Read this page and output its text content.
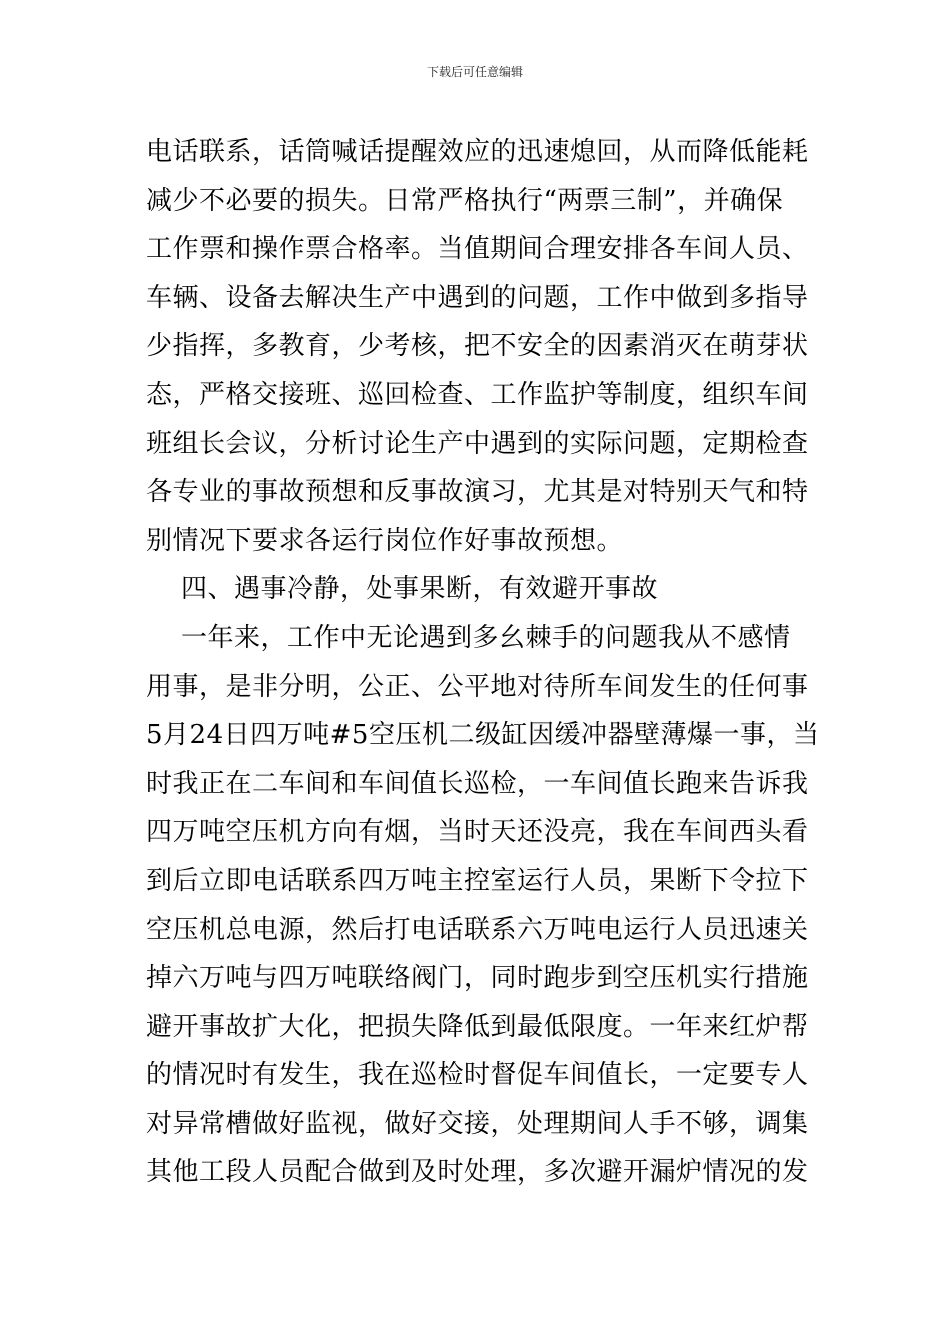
下载后可任意编辑
电话联系，话筒喊话提醒效应的迅速熄回，从而降低能耗
减少不必要的损失。日常严格执行“两票三制”，并确保
工作票和操作票合格率。当值期间合理安排各车间人员、
车辆、设备去解决生产中遇到的问题，工作中做到多指导
少指挥，多教育，少考核，把不安全的因素消灭在萌芽状
态，严格交接班、巡回检查、工作监护等制度，组织车间
班组长会议，分析讨论生产中遇到的实际问题，定期检查
各专业的事故预想和反事故演习，尤其是对特别天气和特
别情况下要求各运行岗位作好事故预想。
四、遇事冷静，处事果断，有效避开事故
一年来，工作中无论遇到多幺棘手的问题我从不感情
用事，是非分明，公正、公平地对待所车间发生的任何事
5月24日四万吨#5空压机二级缸因缓冲器壁薄爆一事，当
时我正在二车间和车间值长巡检，一车间值长跑来告诉我
四万吨空压机方向有烟，当时天还没亮，我在车间西头看
到后立即电话联系四万吨主控室运行人员，果断下令拉下
空压机总电源，然后打电话联系六万吨电运行人员迅速关
掉六万吨与四万吨联络阀门，同时跑步到空压机实行措施
避开事故扩大化，把损失降低到最低限度。一年来红炉帮
的情况时有发生，我在巡检时督促车间值长，一定要专人
对异常槽做好监视，做好交接，处理期间人手不够，调集
其他工段人员配合做到及时处理，多次避开漏炉情况的发
